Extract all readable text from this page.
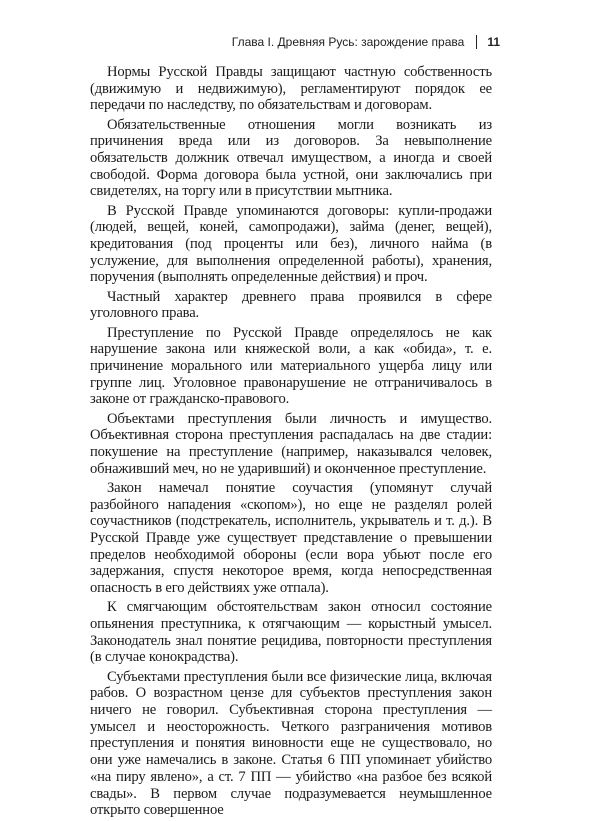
Глава I. Древняя Русь: зарождение права 11

Нормы Русской Правды защищают частную собственность (движимую и недвижимую), регламентируют порядок ее передачи по наследству, по обязательствам и договорам.

Обязательственные отношения могли возникать из причинения вреда или из договоров. За невыполнение обязательств должник отвечал имуществом, а иногда и своей свободой. Форма договора была устной, они заключались при свидетелях, на торгу или в присутствии мытника.

В Русской Правде упоминаются договоры: купли-продажи (людей, вещей, коней, самопродажи), займа (денег, вещей), кредитования (под проценты или без), личного найма (в услужение, для выполнения определенной работы), хранения, поручения (выполнять определенные действия) и проч.

Частный характер древнего права проявился в сфере уголовного права.

Преступление по Русской Правде определялось не как нарушение закона или княжеской воли, а как «обида», т. е. причинение морального или материального ущерба лицу или группе лиц. Уголовное правонарушение не отграничивалось в законе от гражданско-правового.

Объектами преступления были личность и имущество. Объективная сторона преступления распадалась на две стадии: покушение на преступление (например, наказывался человек, обнаживший меч, но не ударивший) и оконченное преступление.

Закон намечал понятие соучастия (упомянут случай разбойного нападения «скопом»), но еще не разделял ролей соучастников (подстрекатель, исполнитель, укрыватель и т. д.). В Русской Правде уже существует представление о превышении пределов необходимой обороны (если вора убьют после его задержания, спустя некоторое время, когда непосредственная опасность в его действиях уже отпала).

К смягчающим обстоятельствам закон относил состояние опьянения преступника, к отягчающим — корыстный умысел. Законодатель знал понятие рецидива, повторности преступления (в случае конокрадства).

Субъектами преступления были все физические лица, включая рабов. О возрастном цензе для субъектов преступления закон ничего не говорил. Субъективная сторона преступления — умысел и неосторожность. Четкого разграничения мотивов преступления и понятия виновности еще не существовало, но они уже намечались в законе. Статья 6 ПП упоминает убийство «на пиру явлено», а ст. 7 ПП — убийство «на разбое без всякой свады». В первом случае подразумевается неумышленное открыто совершенное
